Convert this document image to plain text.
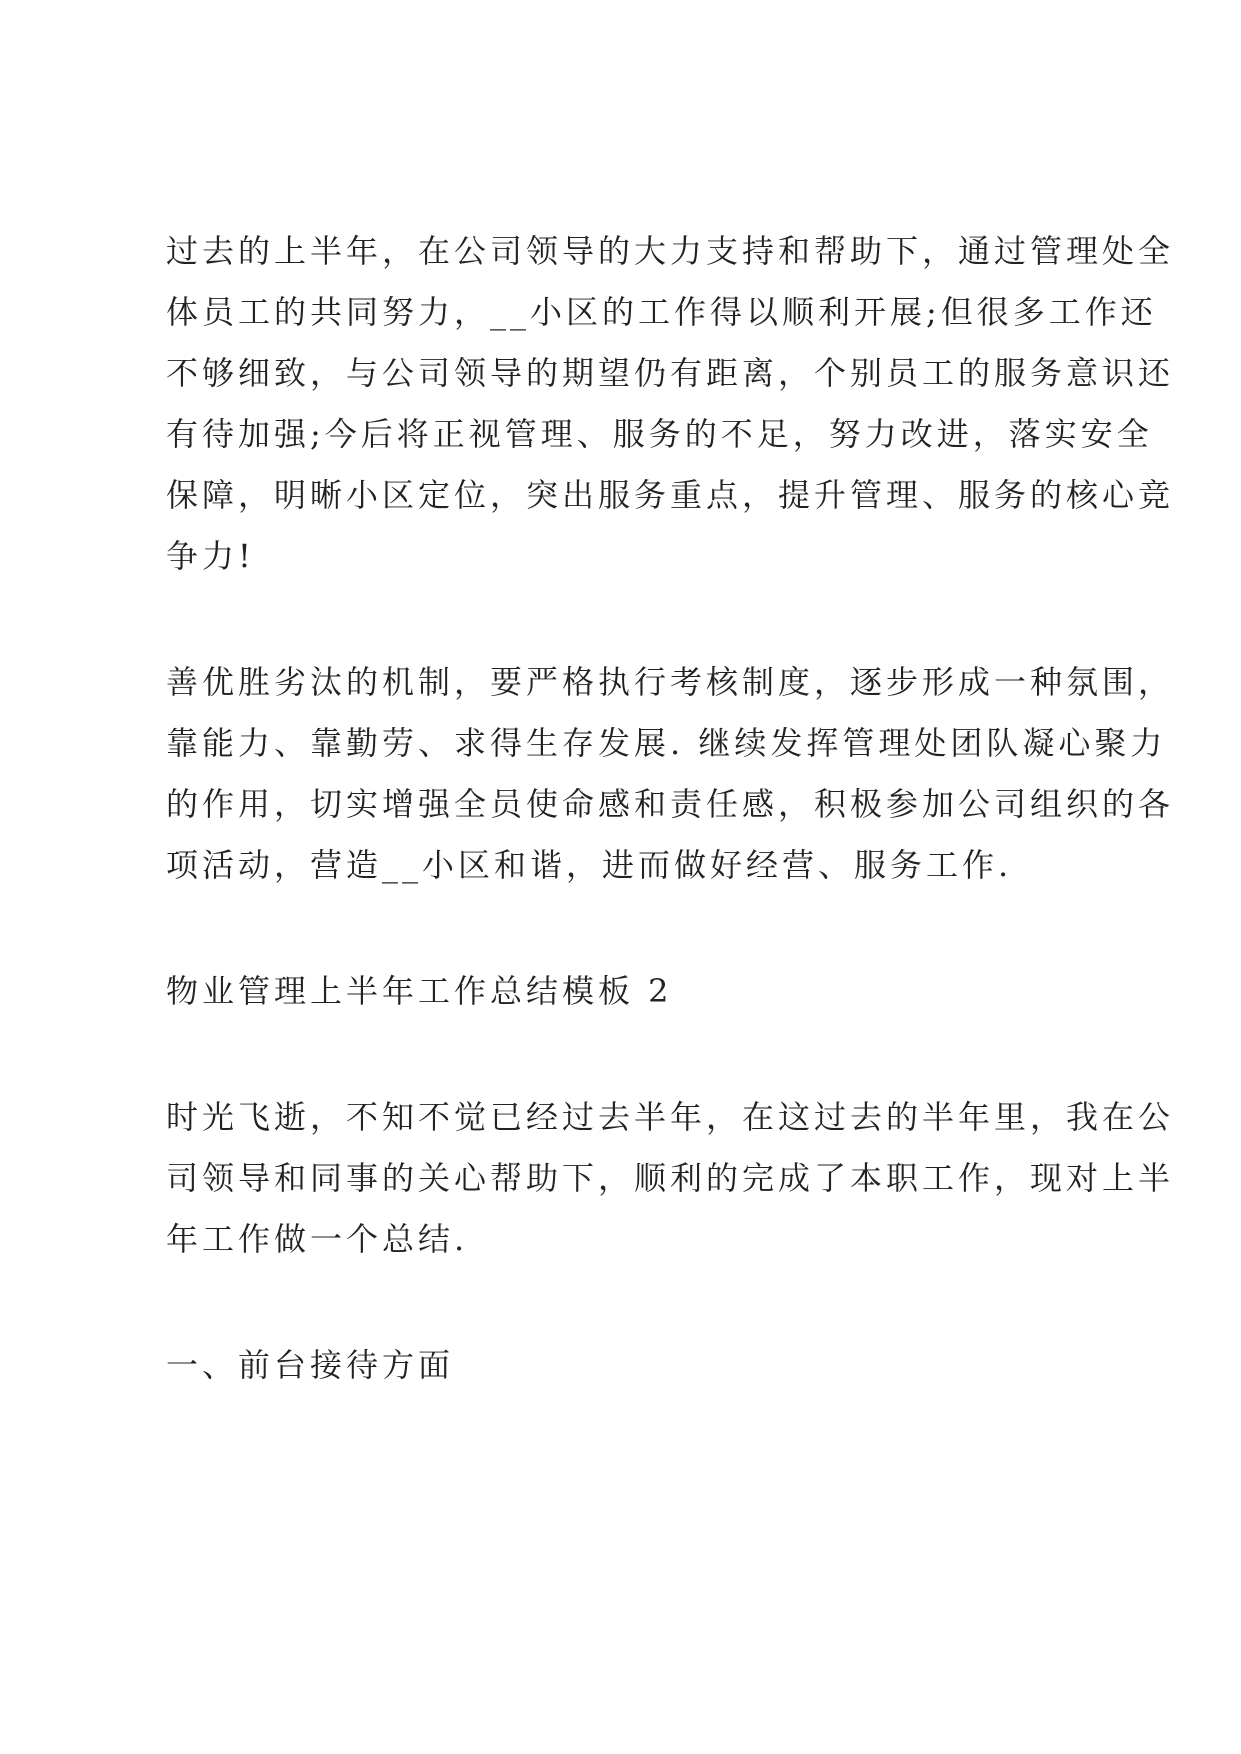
过去的上半年，在公司领导的大力支持和帮助下，通过管理处全
体员工的共同努力，__小区的工作得以顺利开展;但很多工作还
不够细致，与公司领导的期望仍有距离，个别员工的服务意识还
有待加强;今后将正视管理、服务的不足，努力改进，落实安全
保障，明晰小区定位，突出服务重点，提升管理、服务的核心竞
争力!
善优胜劣汰的机制，要严格执行考核制度，逐步形成一种氛围，
靠能力、靠勤劳、求得生存发展. 继续发挥管理处团队凝心聚力
的作用，切实增强全员使命感和责任感，积极参加公司组织的各
项活动，营造__小区和谐，进而做好经营、服务工作.
物业管理上半年工作总结模板 2
时光飞逝，不知不觉已经过去半年，在这过去的半年里，我在公
司领导和同事的关心帮助下，顺利的完成了本职工作，现对上半
年工作做一个总结.
一、前台接待方面
